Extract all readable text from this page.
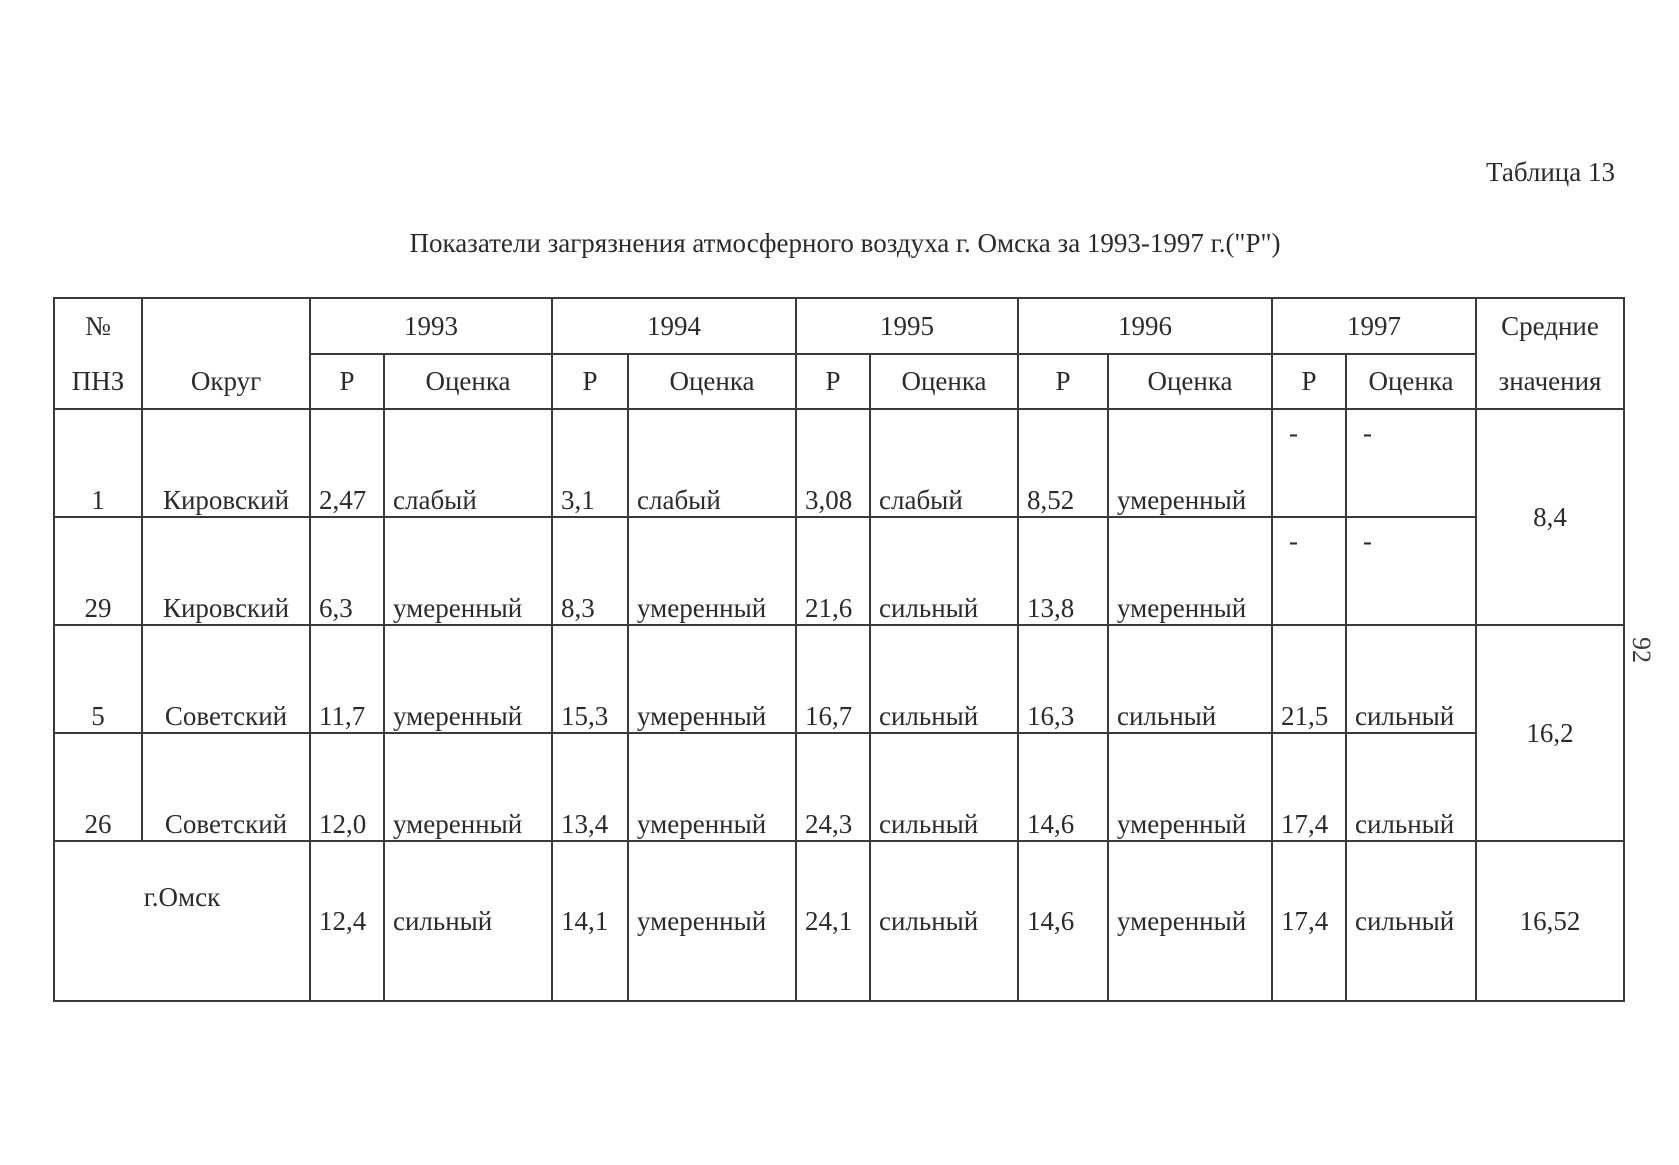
Таблица 13
Показатели загрязнения атмосферного воздуха г. Омска за 1993-1997 г.("Р")
92
№		1993		1994		1995		1996		1997		Средние
ПНЗ	Округ	Р	Оценка	Р	Оценка	Р	Оценка	Р	Оценка	Р	Оценка	значения
1	Кировский	2,47	слабый	3,1	слабый	3,08	слабый	8,52	умеренный	-	-	8,4
29	Кировский	6,3	умеренный	8,3	умеренный	21,6	сильный	13,8	умеренный	-	-	

5	Советский	11,7	умеренный	15,3	умеренный	16,7	сильный	16,3	сильный	21,5	сильный	16,2
26	Советский	12,0	умеренный	13,4	умеренный	24,3	сильный	14,6	умеренный	17,4	сильный	
г.Омск		12,4	сильный	14,1	умеренный	24,1	сильный	14,6	умеренный	17,4	сильный	16,52
